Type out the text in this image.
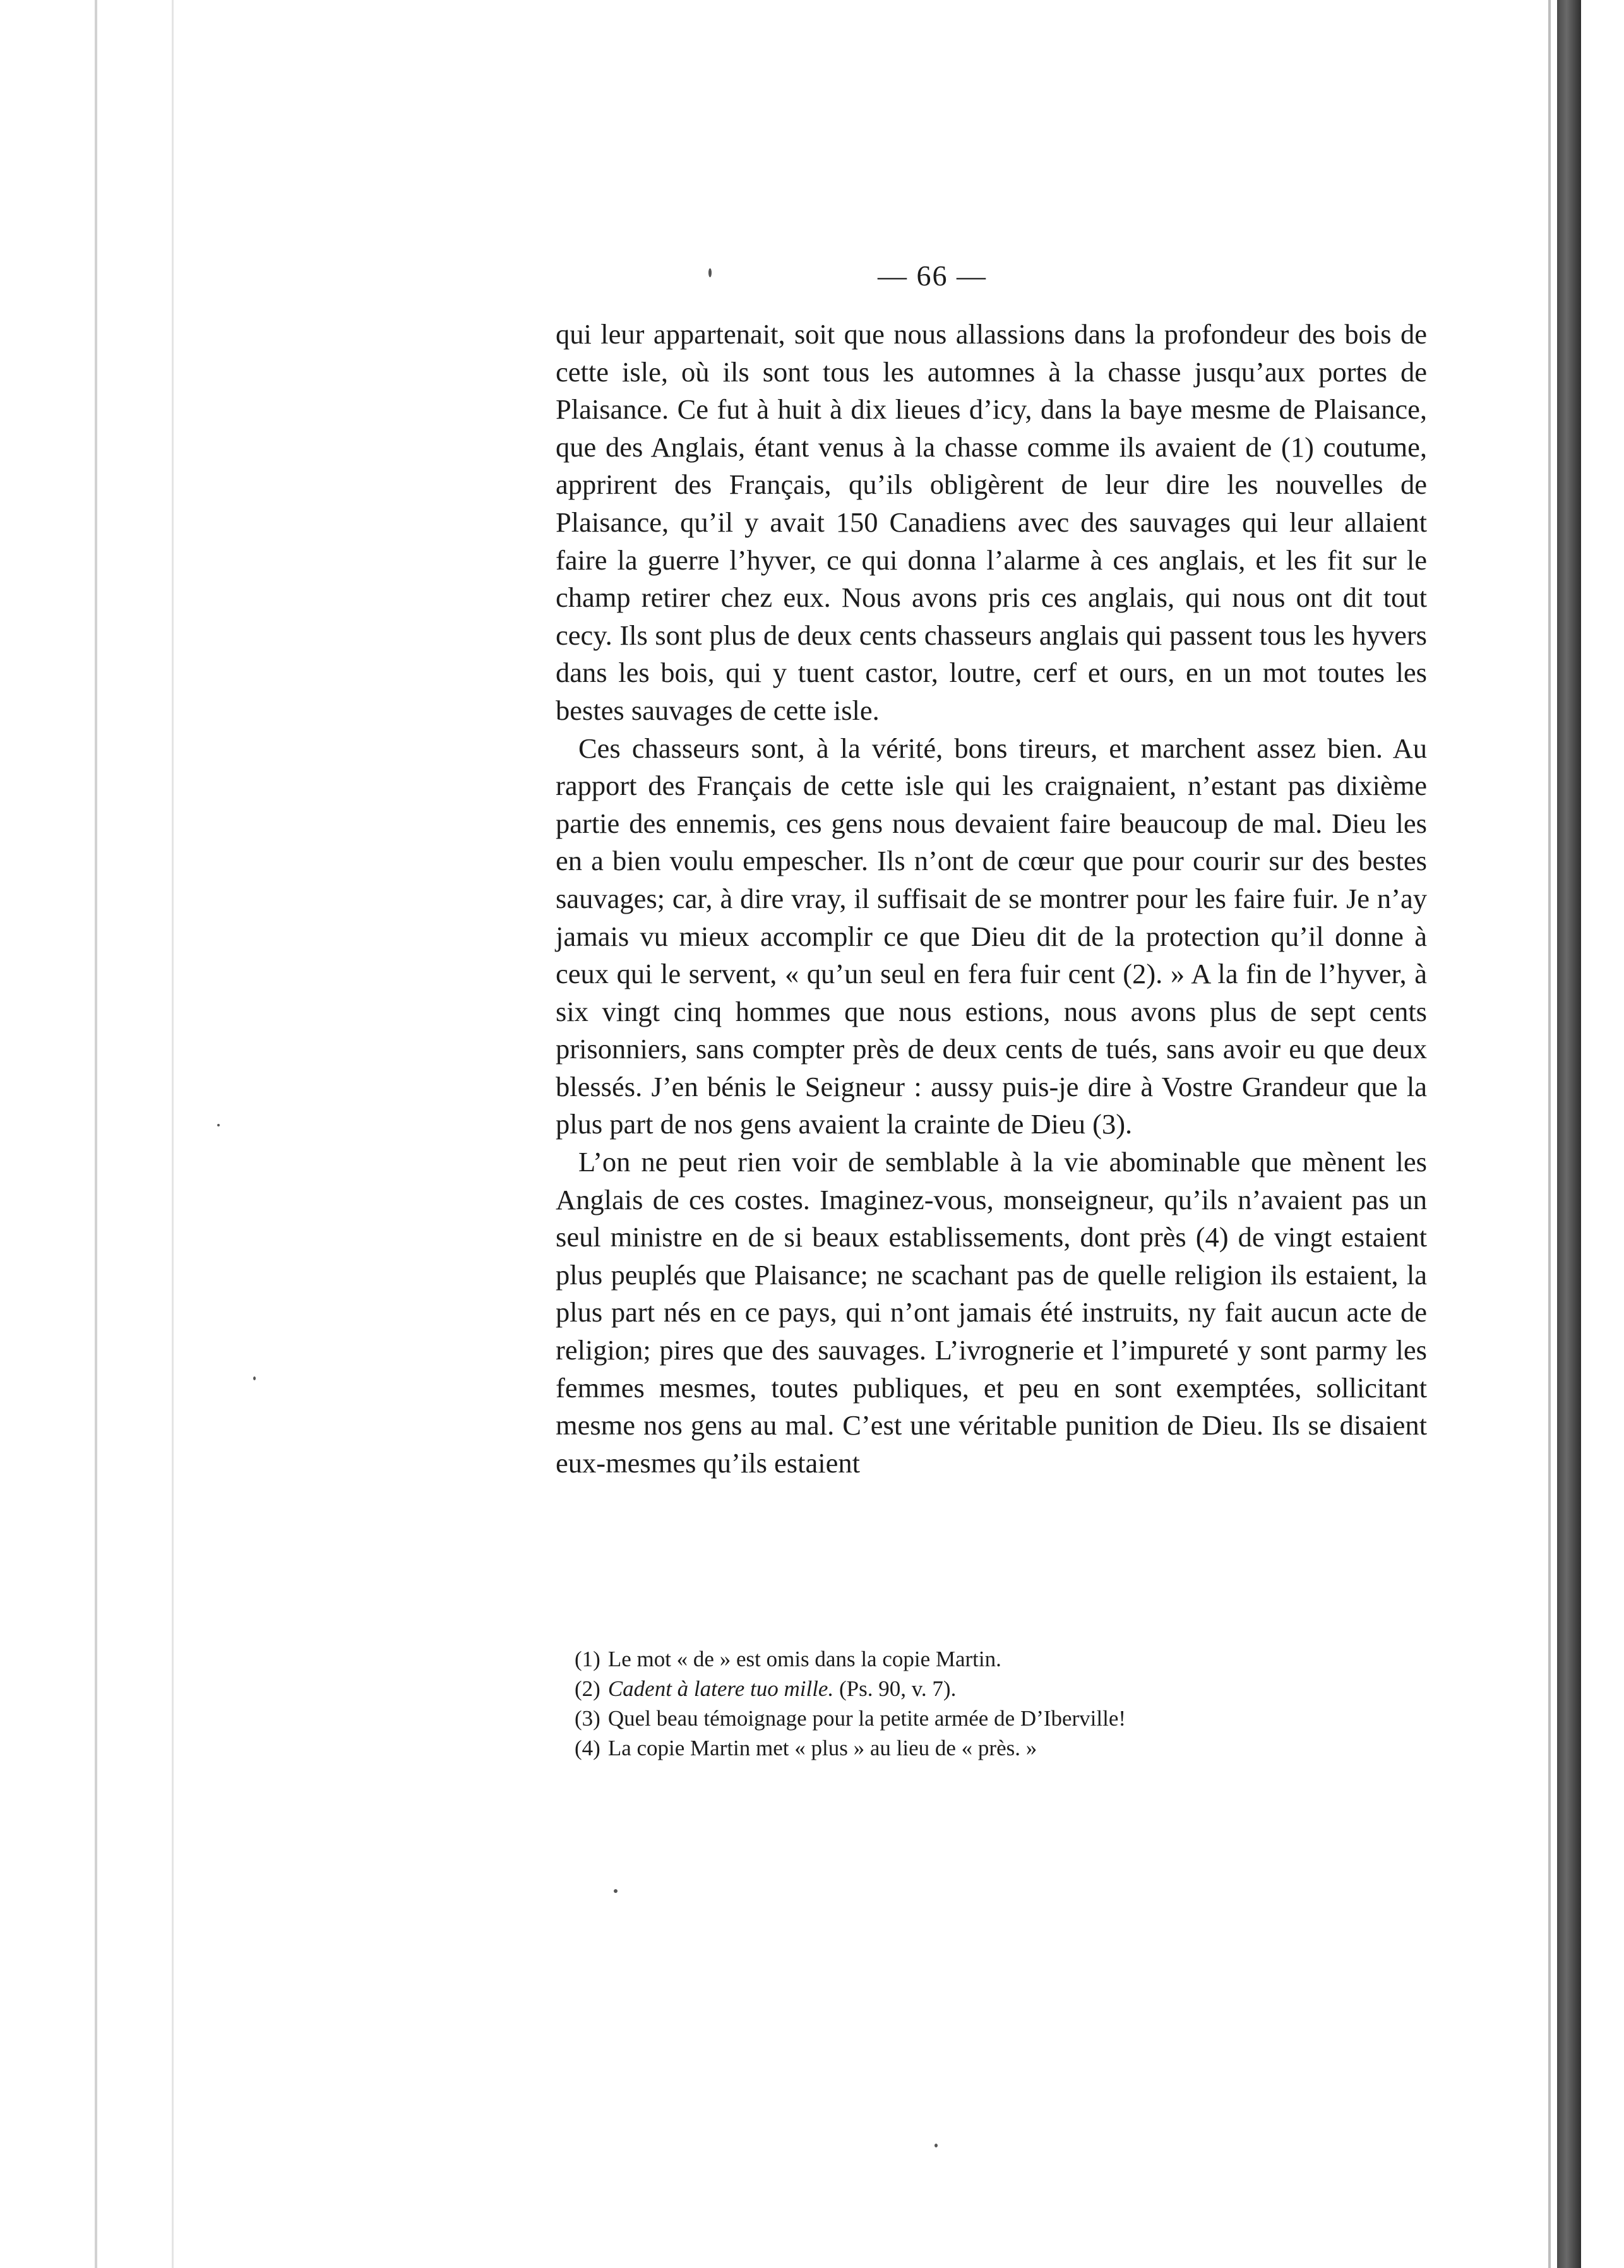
— 66 —

qui leur appartenait, soit que nous allassions dans la profondeur des bois de cette isle, où ils sont tous les automnes à la chasse jusqu’aux portes de Plaisance. Ce fut à huit à dix lieues d’icy, dans la baye mesme de Plaisance, que des Anglais, étant venus à la chasse comme ils avaient de (1) coutume, apprirent des Français, qu’ils obligèrent de leur dire les nouvelles de Plaisance, qu’il y avait 150 Canadiens avec des sauvages qui leur allaient faire la guerre l’hyver, ce qui donna l’alarme à ces anglais, et les fit sur le champ retirer chez eux. Nous avons pris ces anglais, qui nous ont dit tout cecy. Ils sont plus de deux cents chasseurs anglais qui passent tous les hyvers dans les bois, qui y tuent castor, loutre, cerf et ours, en un mot toutes les bestes sauvages de cette isle.

Ces chasseurs sont, à la vérité, bons tireurs, et marchent assez bien. Au rapport des Français de cette isle qui les craignaient, n’estant pas dixième partie des ennemis, ces gens nous devaient faire beaucoup de mal. Dieu les en a bien voulu empescher. Ils n’ont de cœur que pour courir sur des bestes sauvages; car, à dire vray, il suffisait de se montrer pour les faire fuir. Je n’ay jamais vu mieux accomplir ce que Dieu dit de la protection qu’il donne à ceux qui le servent, « qu’un seul en fera fuir cent (2). » A la fin de l’hyver, à six vingt cinq hommes que nous estions, nous avons plus de sept cents prisonniers, sans compter près de deux cents de tués, sans avoir eu que deux blessés. J’en bénis le Seigneur : aussy puis-je dire à Vostre Grandeur que la plus part de nos gens avaient la crainte de Dieu (3).

L’on ne peut rien voir de semblable à la vie abominable que mènent les Anglais de ces costes. Imaginez-vous, monseigneur, qu’ils n’avaient pas un seul ministre en de si beaux establissements, dont près (4) de vingt estaient plus peuplés que Plaisance; ne scachant pas de quelle religion ils estaient, la plus part nés en ce pays, qui n’ont jamais été instruits, ny fait aucun acte de religion; pires que des sauvages. L’ivrognerie et l’impureté y sont parmy les femmes mesmes, toutes publiques, et peu en sont exemptées, sollicitant mesme nos gens au mal. C’est une véritable punition de Dieu. Ils se disaient eux-mesmes qu’ils estaient

(1) Le mot « de » est omis dans la copie Martin.

(2) Cadent à latere tuo mille. (Ps. 90, v. 7).

(3) Quel beau témoignage pour la petite armée de D’Iberville!

(4) La copie Martin met « plus » au lieu de « près. »
